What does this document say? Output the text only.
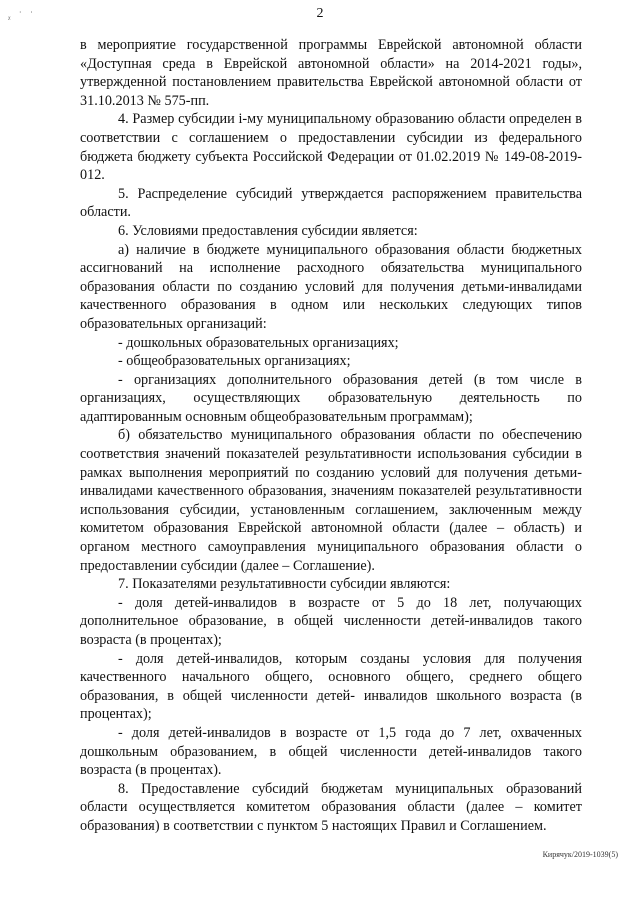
ᵪ ˙ ˙	2

в мероприятие государственной программы Еврейской автономной области «Доступная среда в Еврейской автономной области» на 2014-2021 годы», утвержденной постановлением правительства Еврейской автономной области от 31.10.2013 № 575-пп.

4. Размер субсидии i-му муниципальному образованию области определен в соответствии с соглашением о предоставлении субсидии из федерального бюджета бюджету субъекта Российской Федерации от 01.02.2019 № 149-08-2019-012.

5. Распределение субсидий утверждается распоряжением правительства области.

6. Условиями предоставления субсидии является:

а) наличие в бюджете муниципального образования области бюджетных ассигнований на исполнение расходного обязательства муниципального образования области по созданию условий для получения детьми-инвалидами качественного образования в одном или нескольких следующих типов образовательных организаций:

- дошкольных образовательных организациях;

- общеобразовательных организациях;

- организациях дополнительного образования детей (в том числе в организациях, осуществляющих образовательную деятельность по адаптированным основным общеобразовательным программам);

б) обязательство муниципального образования области по обеспечению соответствия значений показателей результативности использования субсидии в рамках выполнения мероприятий по созданию условий для получения детьми-инвалидами качественного образования, значениям показателей результативности использования субсидии, установленным соглашением, заключенным между комитетом образования Еврейской автономной области (далее – область) и органом местного самоуправления муниципального образования области о предоставлении субсидии (далее – Соглашение).

7. Показателями результативности субсидии являются:

- доля детей-инвалидов в возрасте от 5 до 18 лет, получающих дополнительное образование, в общей численности детей-инвалидов такого возраста (в процентах);

- доля детей-инвалидов, которым созданы условия для получения качественного начального общего, основного общего, среднего общего образования, в общей численности детей- инвалидов школьного возраста (в процентах);

- доля детей-инвалидов в возрасте от 1,5 года до 7 лет, охваченных дошкольным образованием, в общей численности детей-инвалидов такого возраста (в процентах).

8. Предоставление субсидий бюджетам муниципальных образований области осуществляется комитетом образования области (далее – комитет образования) в соответствии с пунктом 5 настоящих Правил и Соглашением.

Кирячук/2019-1039(5)
